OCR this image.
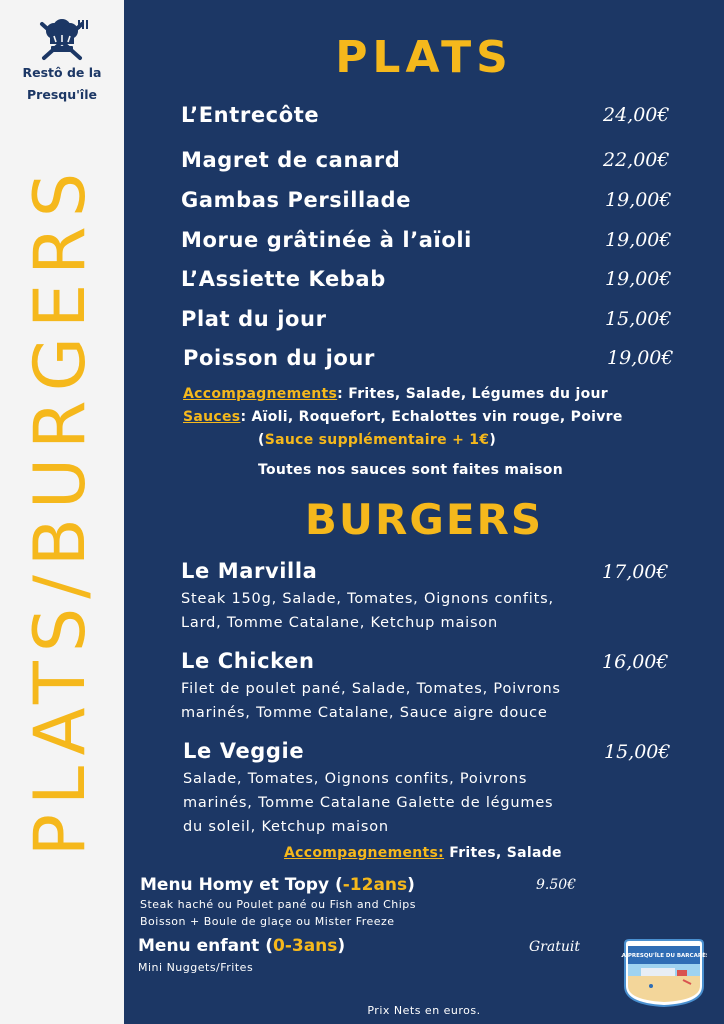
Restô de la
Presqu'île
PLATS/BURGERS
PLATS
L’Entrecôte	24,00€
Magret de canard	22,00€
Gambas Persillade	19,00€
Morue grâtinée à l’aïoli	19,00€
L’Assiette Kebab	19,00€
Plat du jour	15,00€
Poisson du jour	19,00€
Accompagnements: Frites, Salade, Légumes du jour
Sauces: Aïoli, Roquefort, Echalottes vin rouge, Poivre
(Sauce supplémentaire + 1€)
Toutes nos sauces sont faites maison
BURGERS
Le Marvilla	17,00€
Steak 150g, Salade, Tomates, Oignons confits,
Lard, Tomme Catalane, Ketchup maison
Le Chicken	16,00€
Filet de poulet pané, Salade, Tomates, Poivrons
marinés, Tomme Catalane, Sauce aigre douce
Le Veggie	15,00€
Salade, Tomates, Oignons confits, Poivrons
marinés, Tomme Catalane Galette de légumes
du soleil, Ketchup maison
Accompagnements: Frites, Salade
Menu Homy et Topy (-12ans)	9.50€
Steak haché ou Poulet pané ou Fish and Chips
Boisson + Boule de glaçe ou Mister Freeze
Menu enfant (0-3ans)	Gratuit
Mini Nuggets/Frites
LA PRESQU'ÎLE DU BARCARÈS
Prix Nets en euros.
